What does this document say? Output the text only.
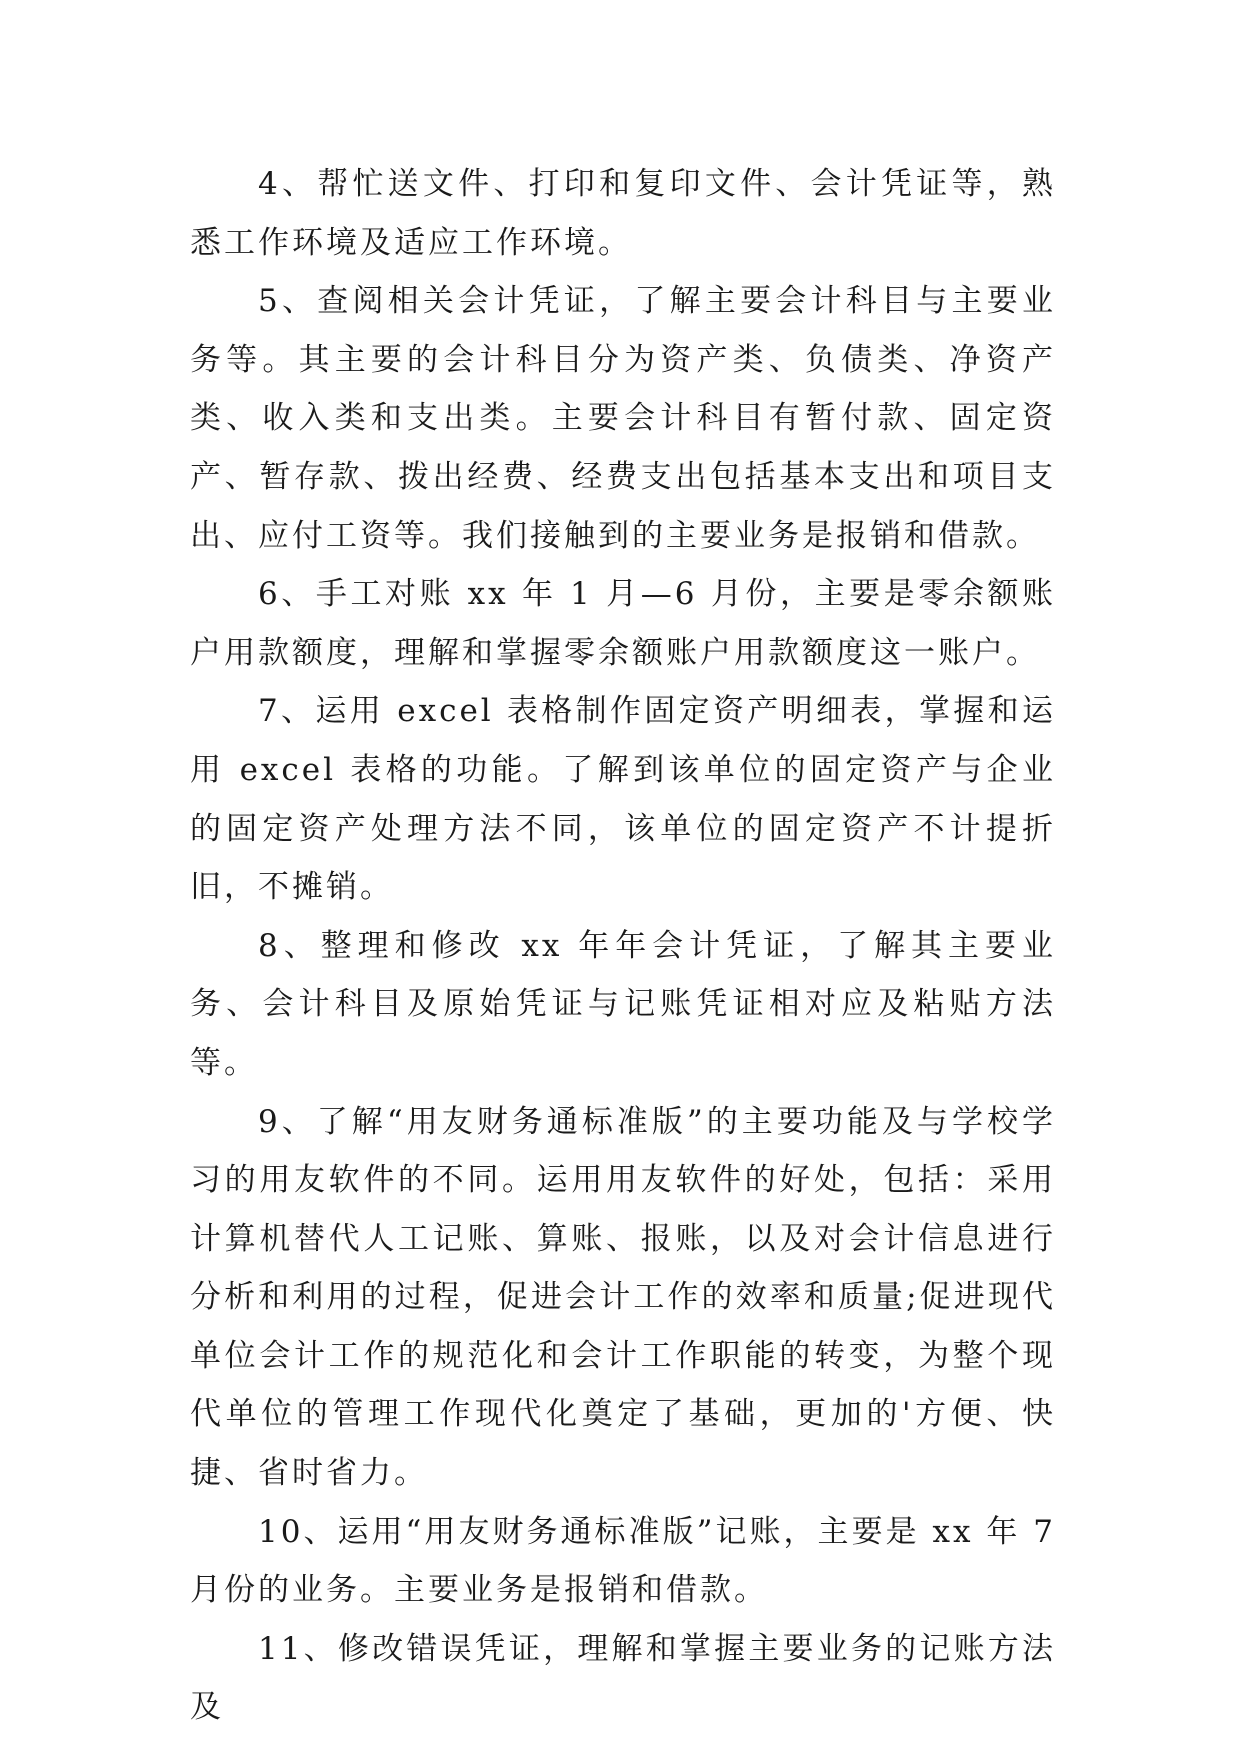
4、帮忙送文件、打印和复印文件、会计凭证等，熟悉工作环境及适应工作环境。

5、查阅相关会计凭证，了解主要会计科目与主要业务等。其主要的会计科目分为资产类、负债类、净资产类、收入类和支出类。主要会计科目有暂付款、固定资产、暂存款、拨出经费、经费支出包括基本支出和项目支出、应付工资等。我们接触到的主要业务是报销和借款。

6、手工对账 xx 年 1 月—6 月份，主要是零余额账户用款额度，理解和掌握零余额账户用款额度这一账户。

7、运用 excel 表格制作固定资产明细表，掌握和运用 excel 表格的功能。了解到该单位的固定资产与企业的固定资产处理方法不同，该单位的固定资产不计提折旧，不摊销。

8、整理和修改 xx 年年会计凭证，了解其主要业务、会计科目及原始凭证与记账凭证相对应及粘贴方法等。

9、了解“用友财务通标准版”的主要功能及与学校学习的用友软件的不同。运用用友软件的好处，包括：采用计算机替代人工记账、算账、报账，以及对会计信息进行分析和利用的过程，促进会计工作的效率和质量;促进现代单位会计工作的规范化和会计工作职能的转变，为整个现代单位的管理工作现代化奠定了基础，更加的'方便、快捷、省时省力。

10、运用“用友财务通标准版”记账，主要是 xx 年 7 月份的业务。主要业务是报销和借款。

11、修改错误凭证，理解和掌握主要业务的记账方法及
